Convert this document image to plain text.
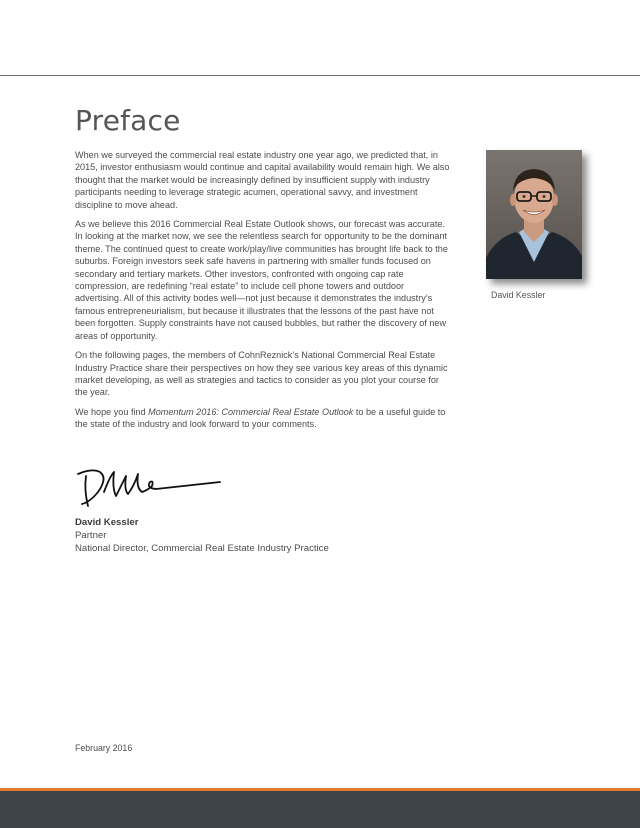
Preface

When we surveyed the commercial real estate industry one year ago, we predicted that, in 2015, investor enthusiasm would continue and capital availability would remain high. We also thought that the market would be increasingly defined by insufficient supply with industry participants needing to leverage strategic acumen, operational savvy, and investment discipline to move ahead.

As we believe this 2016 Commercial Real Estate Outlook shows, our forecast was accurate. In looking at the market now, we see the relentless search for opportunity to be the dominant theme. The continued quest to create work/play/live communities has brought life back to the suburbs. Foreign investors seek safe havens in partnering with smaller funds focused on secondary and tertiary markets. Other investors, confronted with ongoing cap rate compression, are redefining “real estate” to include cell phone towers and outdoor advertising. All of this activity bodes well—not just because it demonstrates the industry’s famous entrepreneurialism, but because it illustrates that the lessons of the past have not been forgotten. Supply constraints have not caused bubbles, but rather the discovery of new areas of opportunity.

On the following pages, the members of CohnReznick’s National Commercial Real Estate Industry Practice share their perspectives on how they see various key areas of this dynamic market developing, as well as strategies and tactics to consider as you plot your course for the year.

We hope you find Momentum 2016: Commercial Real Estate Outlook to be a useful guide to the state of the industry and look forward to your comments.

David Kessler
David Kessler
Partner
National Director, Commercial Real Estate Industry Practice
February 2016
